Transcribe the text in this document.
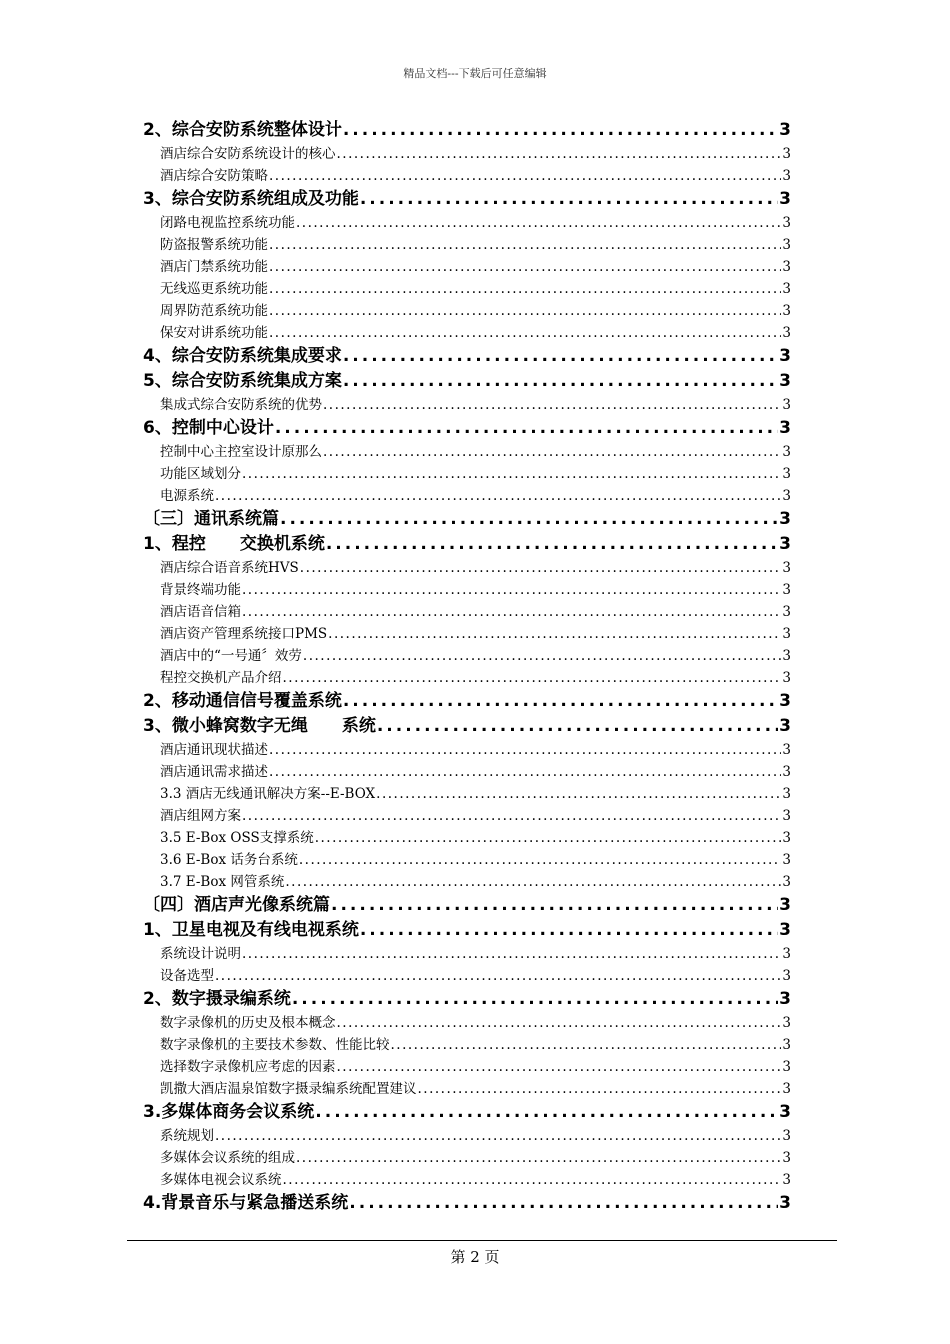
精品文档---下载后可任意编辑
2、综合安防系统整体设计 .....	3
酒店综合安防系统设计的核心 .....	3
酒店综合安防策略 .....	3
3、综合安防系统组成及功能 .....	3
闭路电视监控系统功能 .....	3
防盗报警系统功能 .....	3
酒店门禁系统功能 .....	3
无线巡更系统功能 .....	3
周界防范系统功能 .....	3
保安对讲系统功能 .....	3
4、综合安防系统集成要求 .....	3
5、综合安防系统集成方案 .....	3
集成式综合安防系统的优势 .....	3
6、控制中心设计 .....	3
控制中心主控室设计原那么 .....	3
功能区域划分 .....	3
电源系统 .....	3
〔三〕通讯系统篇 .....	3
1、程控　　交换机系统 .....	3
酒店综合语音系统HVS .....	3
背景终端功能 .....	3
酒店语音信箱 .....	3
酒店资产管理系统接口PMS .....	3
酒店中的“一号通〞效劳 .....	3
程控交换机产品介绍 .....	3
2、移动通信信号覆盖系统 .....	3
3、微小蜂窝数字无绳　　系统 .....	3
酒店通讯现状描述 .....	3
酒店通讯需求描述 .....	3
3.3 酒店无线通讯解决方案--E-BOX .....	3
酒店组网方案 .....	3
3.5 E-Box OSS支撑系统 .....	3
3.6 E-Box 话务台系统 .....	3
3.7 E-Box 网管系统 .....	3
〔四〕酒店声光像系统篇 .....	3
1、卫星电视及有线电视系统 .....	3
系统设计说明 .....	3
设备选型 .....	3
2、数字摄录编系统 .....	3
数字录像机的历史及根本概念 .....	3
数字录像机的主要技术参数、性能比较 .....	3
选择数字录像机应考虑的因素 .....	3
凯撒大酒店温泉馆数字摄录编系统配置建议 .....	3
3.多媒体商务会议系统 .....	3
系统规划 .....	3
多媒体会议系统的组成 .....	3
多媒体电视会议系统 .....	3
4.背景音乐与紧急播送系统 .....	3
第 2 页
